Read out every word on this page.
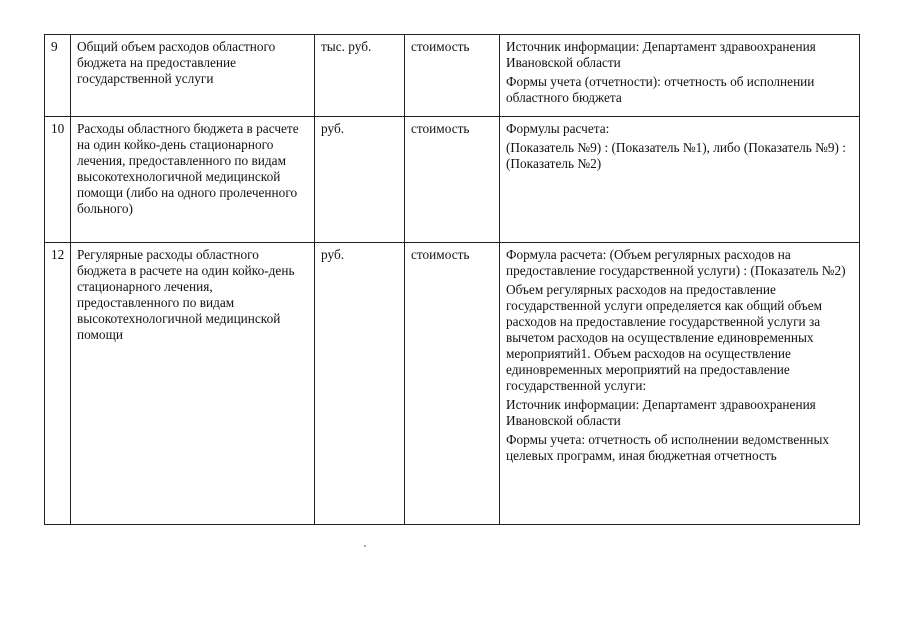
9	Общий объем расходов областного бюджета на предоставление государственной услуги	тыс. руб.	стоимость	Источник информации: Департамент здравоохранения Ивановской области

Формы учета (отчетности): отчетность об исполнении областного бюджета

10	Расходы областного бюджета в расчете на один койко-день стационарного лечения, предоставленного по видам высокотехнологичной медицинской помощи (либо на одного пролеченного больного)	руб.	стоимость	Формулы расчета:

(Показатель №9) : (Показатель №1), либо (Показатель №9) : (Показатель №2)

12	Регулярные расходы областного бюджета в расчете на один койко-день стационарного лечения, предоставленного по видам высокотехнологичной медицинской помощи	руб.	стоимость	Формула расчета: (Объем регулярных расходов на предоставление государственной услуги) : (Показатель №2)

Объем регулярных расходов на предоставление государственной услуги определяется как общий объем расходов на предоставление государственной услуги за вычетом расходов на осуществление единовременных мероприятий1. Объем расходов на осуществление единовременных мероприятий на предоставление государственной услуги:

Источник информации: Департамент здравоохранения Ивановской области

Формы учета: отчетность об исполнении ведомственных целевых программ, иная бюджетная отчетность
